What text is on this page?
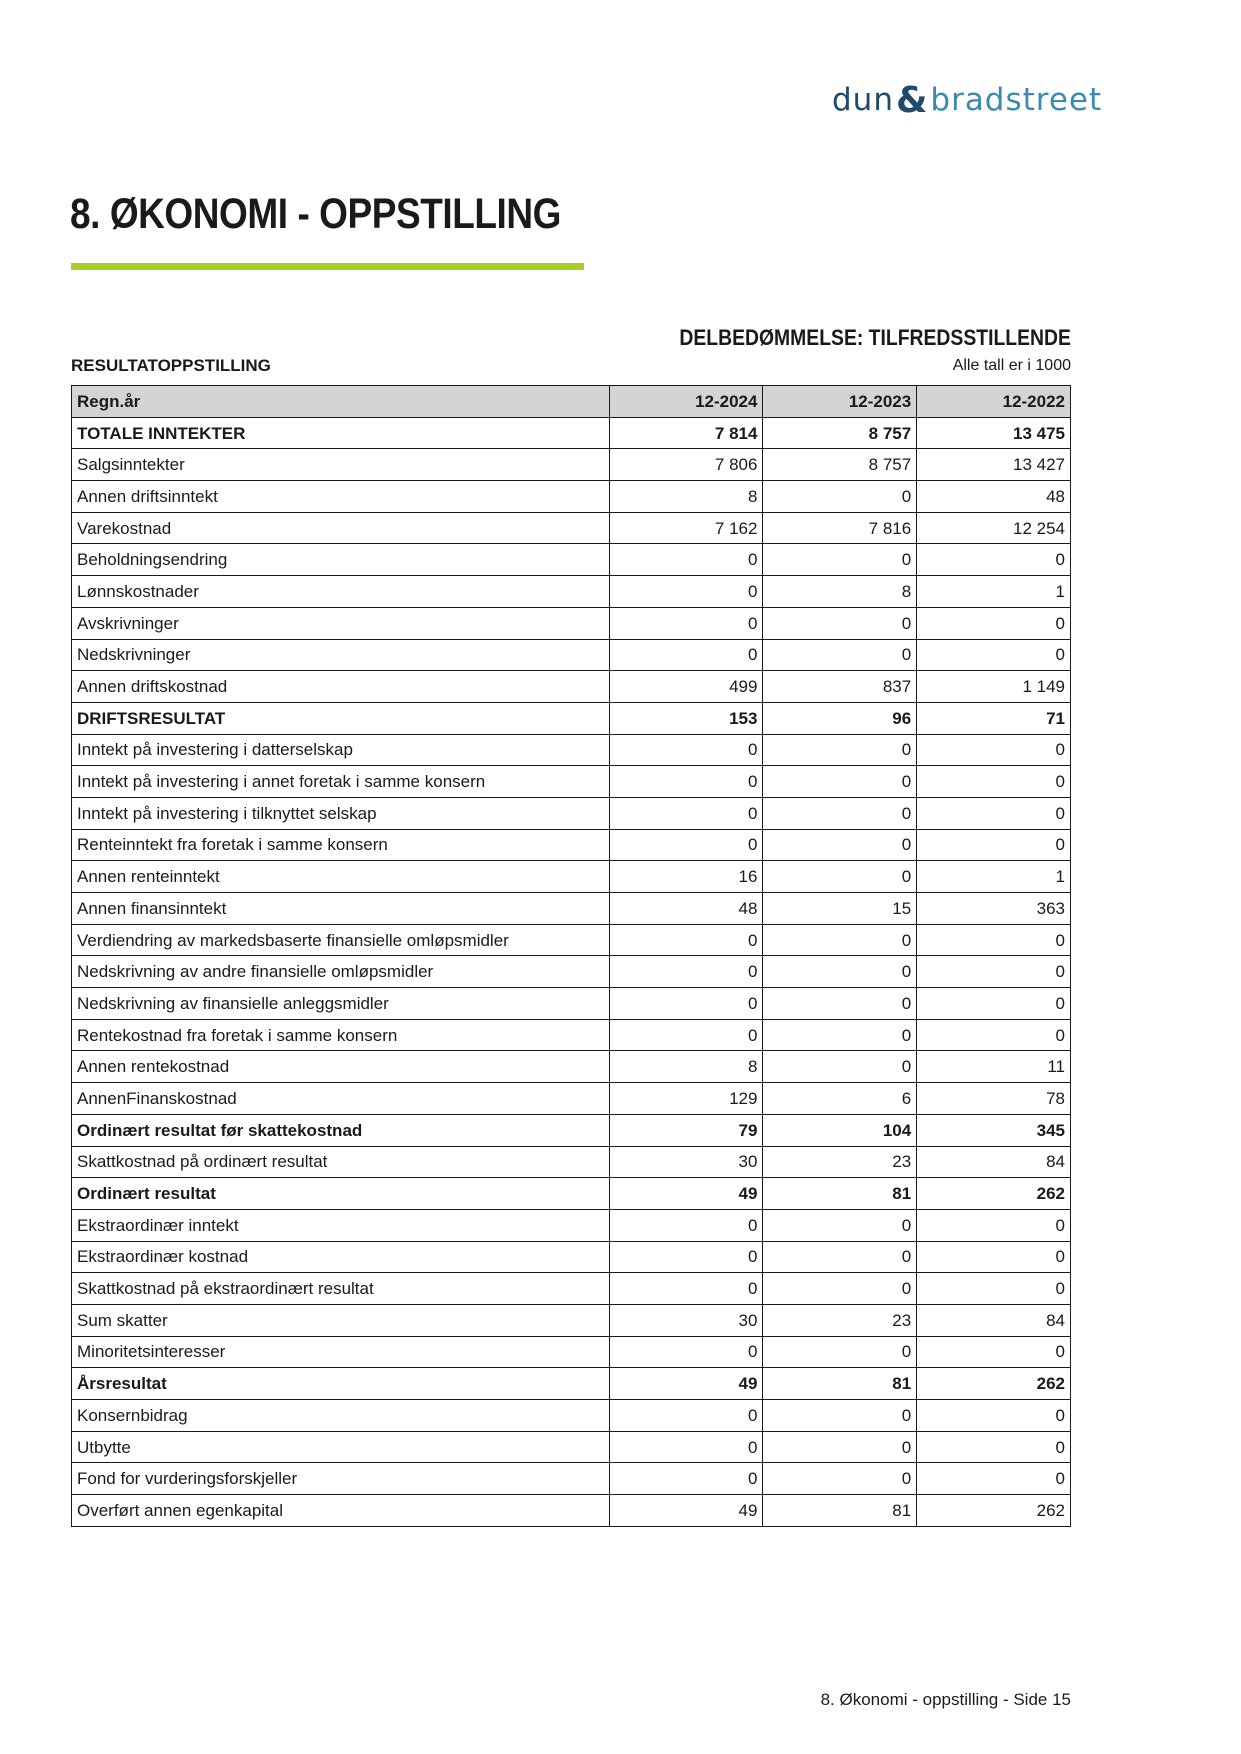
dun & bradstreet
8. ØKONOMI - OPPSTILLING
DELBEDØMMELSE: TILFREDSSTILLENDE
RESULTATOPPSTILLING	Alle tall er i 1000
Regn.år	12-2024	12-2023	12-2022
TOTALE INNTEKTER	7 814	8 757	13 475
Salgsinntekter	7 806	8 757	13 427
Annen driftsinntekt	8	0	48
Varekostnad	7 162	7 816	12 254
Beholdningsendring	0	0	0
Lønnskostnader	0	8	1
Avskrivninger	0	0	0
Nedskrivninger	0	0	0
Annen driftskostnad	499	837	1 149
DRIFTSRESULTAT	153	96	71
Inntekt på investering i datterselskap	0	0	0
Inntekt på investering i annet foretak i samme konsern	0	0	0
Inntekt på investering i tilknyttet selskap	0	0	0
Renteinntekt fra foretak i samme konsern	0	0	0
Annen renteinntekt	16	0	1
Annen finansinntekt	48	15	363
Verdiendring av markedsbaserte finansielle omløpsmidler	0	0	0
Nedskrivning av andre finansielle omløpsmidler	0	0	0
Nedskrivning av finansielle anleggsmidler	0	0	0
Rentekostnad fra foretak i samme konsern	0	0	0
Annen rentekostnad	8	0	11
AnnenFinanskostnad	129	6	78
Ordinært resultat før skattekostnad	79	104	345
Skattkostnad på ordinært resultat	30	23	84
Ordinært resultat	49	81	262
Ekstraordinær inntekt	0	0	0
Ekstraordinær kostnad	0	0	0
Skattkostnad på ekstraordinært resultat	0	0	0
Sum skatter	30	23	84
Minoritetsinteresser	0	0	0
Årsresultat	49	81	262
Konsernbidrag	0	0	0
Utbytte	0	0	0
Fond for vurderingsforskjeller	0	0	0
Overført annen egenkapital	49	81	262
8. Økonomi - oppstilling - Side 15
